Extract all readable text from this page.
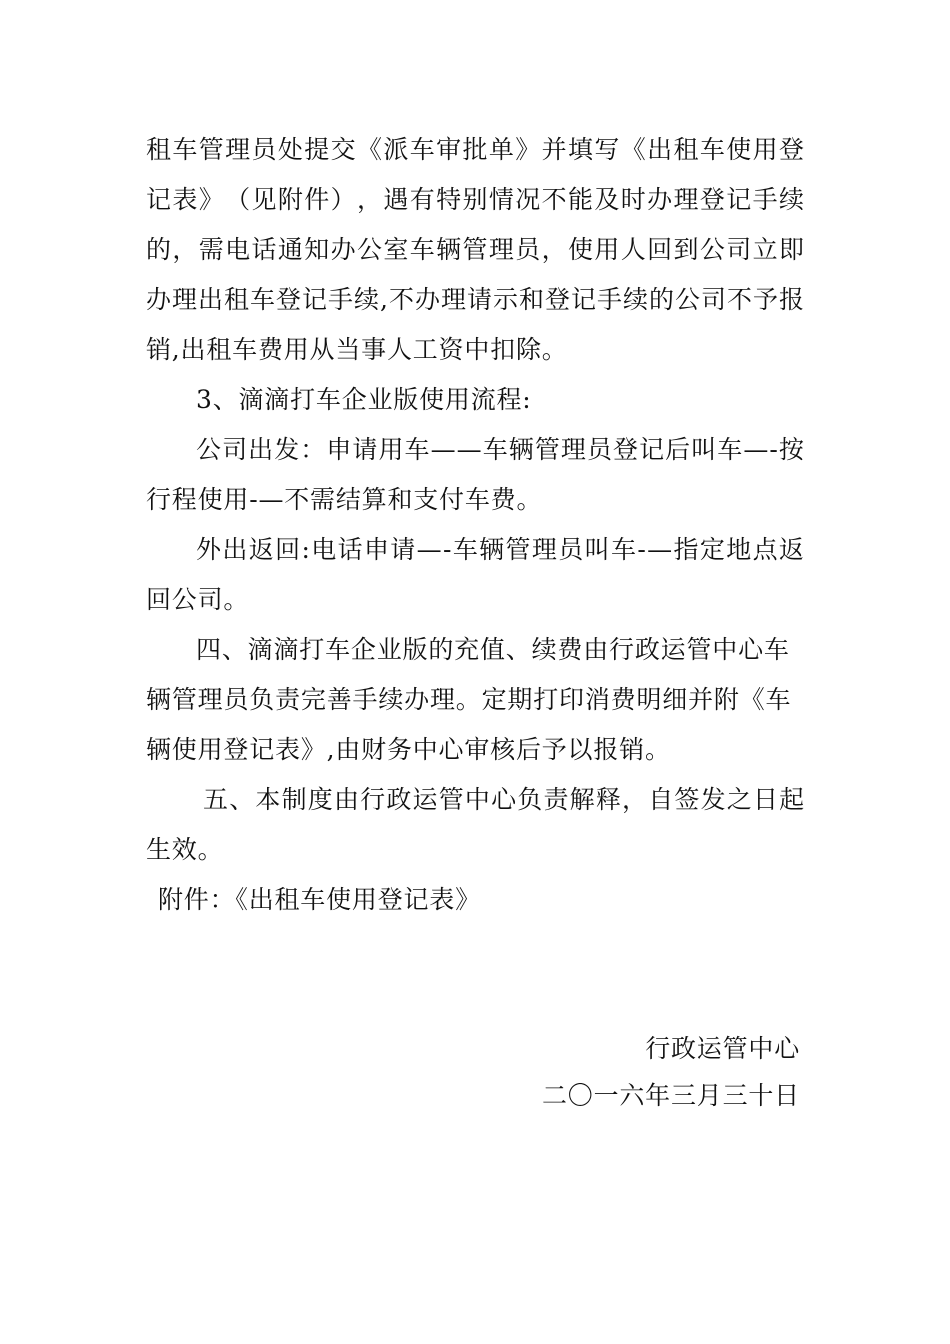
租 车 管 理 员 处 提 交 《 派 车 审 批 单 》 并 填 写 《 出 租 车 使 用 登
记 表 》 （ 见 附 件 ） ， 遇 有 特 别 情 况 不 能 及 时 办 理 登 记 手 续
的 ， 需 电 话 通 知 办 公 室 车 辆 管 理 员 ， 使 用 人 回 到 公 司 立 即
办 理 出 租 车 登 记 手 续 , 不 办 理 请 示 和 登 记 手 续 的 公 司 不 予 报
销,出租车费用从当事人工资中扣除。
3、滴滴打车企业版使用流程:
公 司 出 发 ： 申 请 用 车 — — 车 辆 管 理 员 登 记 后 叫 车 — - 按
行程使用-—不需结算和支付车费。
外 出 返 回 : 电 话 申 请 — - 车 辆 管 理 员 叫 车 - — 指 定 地 点 返
回公司。
四 、 滴 滴 打 车 企 业 版 的 充 值 、 续 费 由 行 政 运 管 中 心 车
辆 管 理 员 负 责 完 善 手 续 办 理 。 定 期 打 印 消 费 明 细 并 附 《 车
辆使用登记表》,由财务中心审核后予以报销。
五 、 本 制 度 由 行 政 运 管 中 心 负 责 解 释 ， 自 签 发 之 日 起
生效。
附件：《出租车使用登记表》
行政运管中心
二〇一六年三月三十日
